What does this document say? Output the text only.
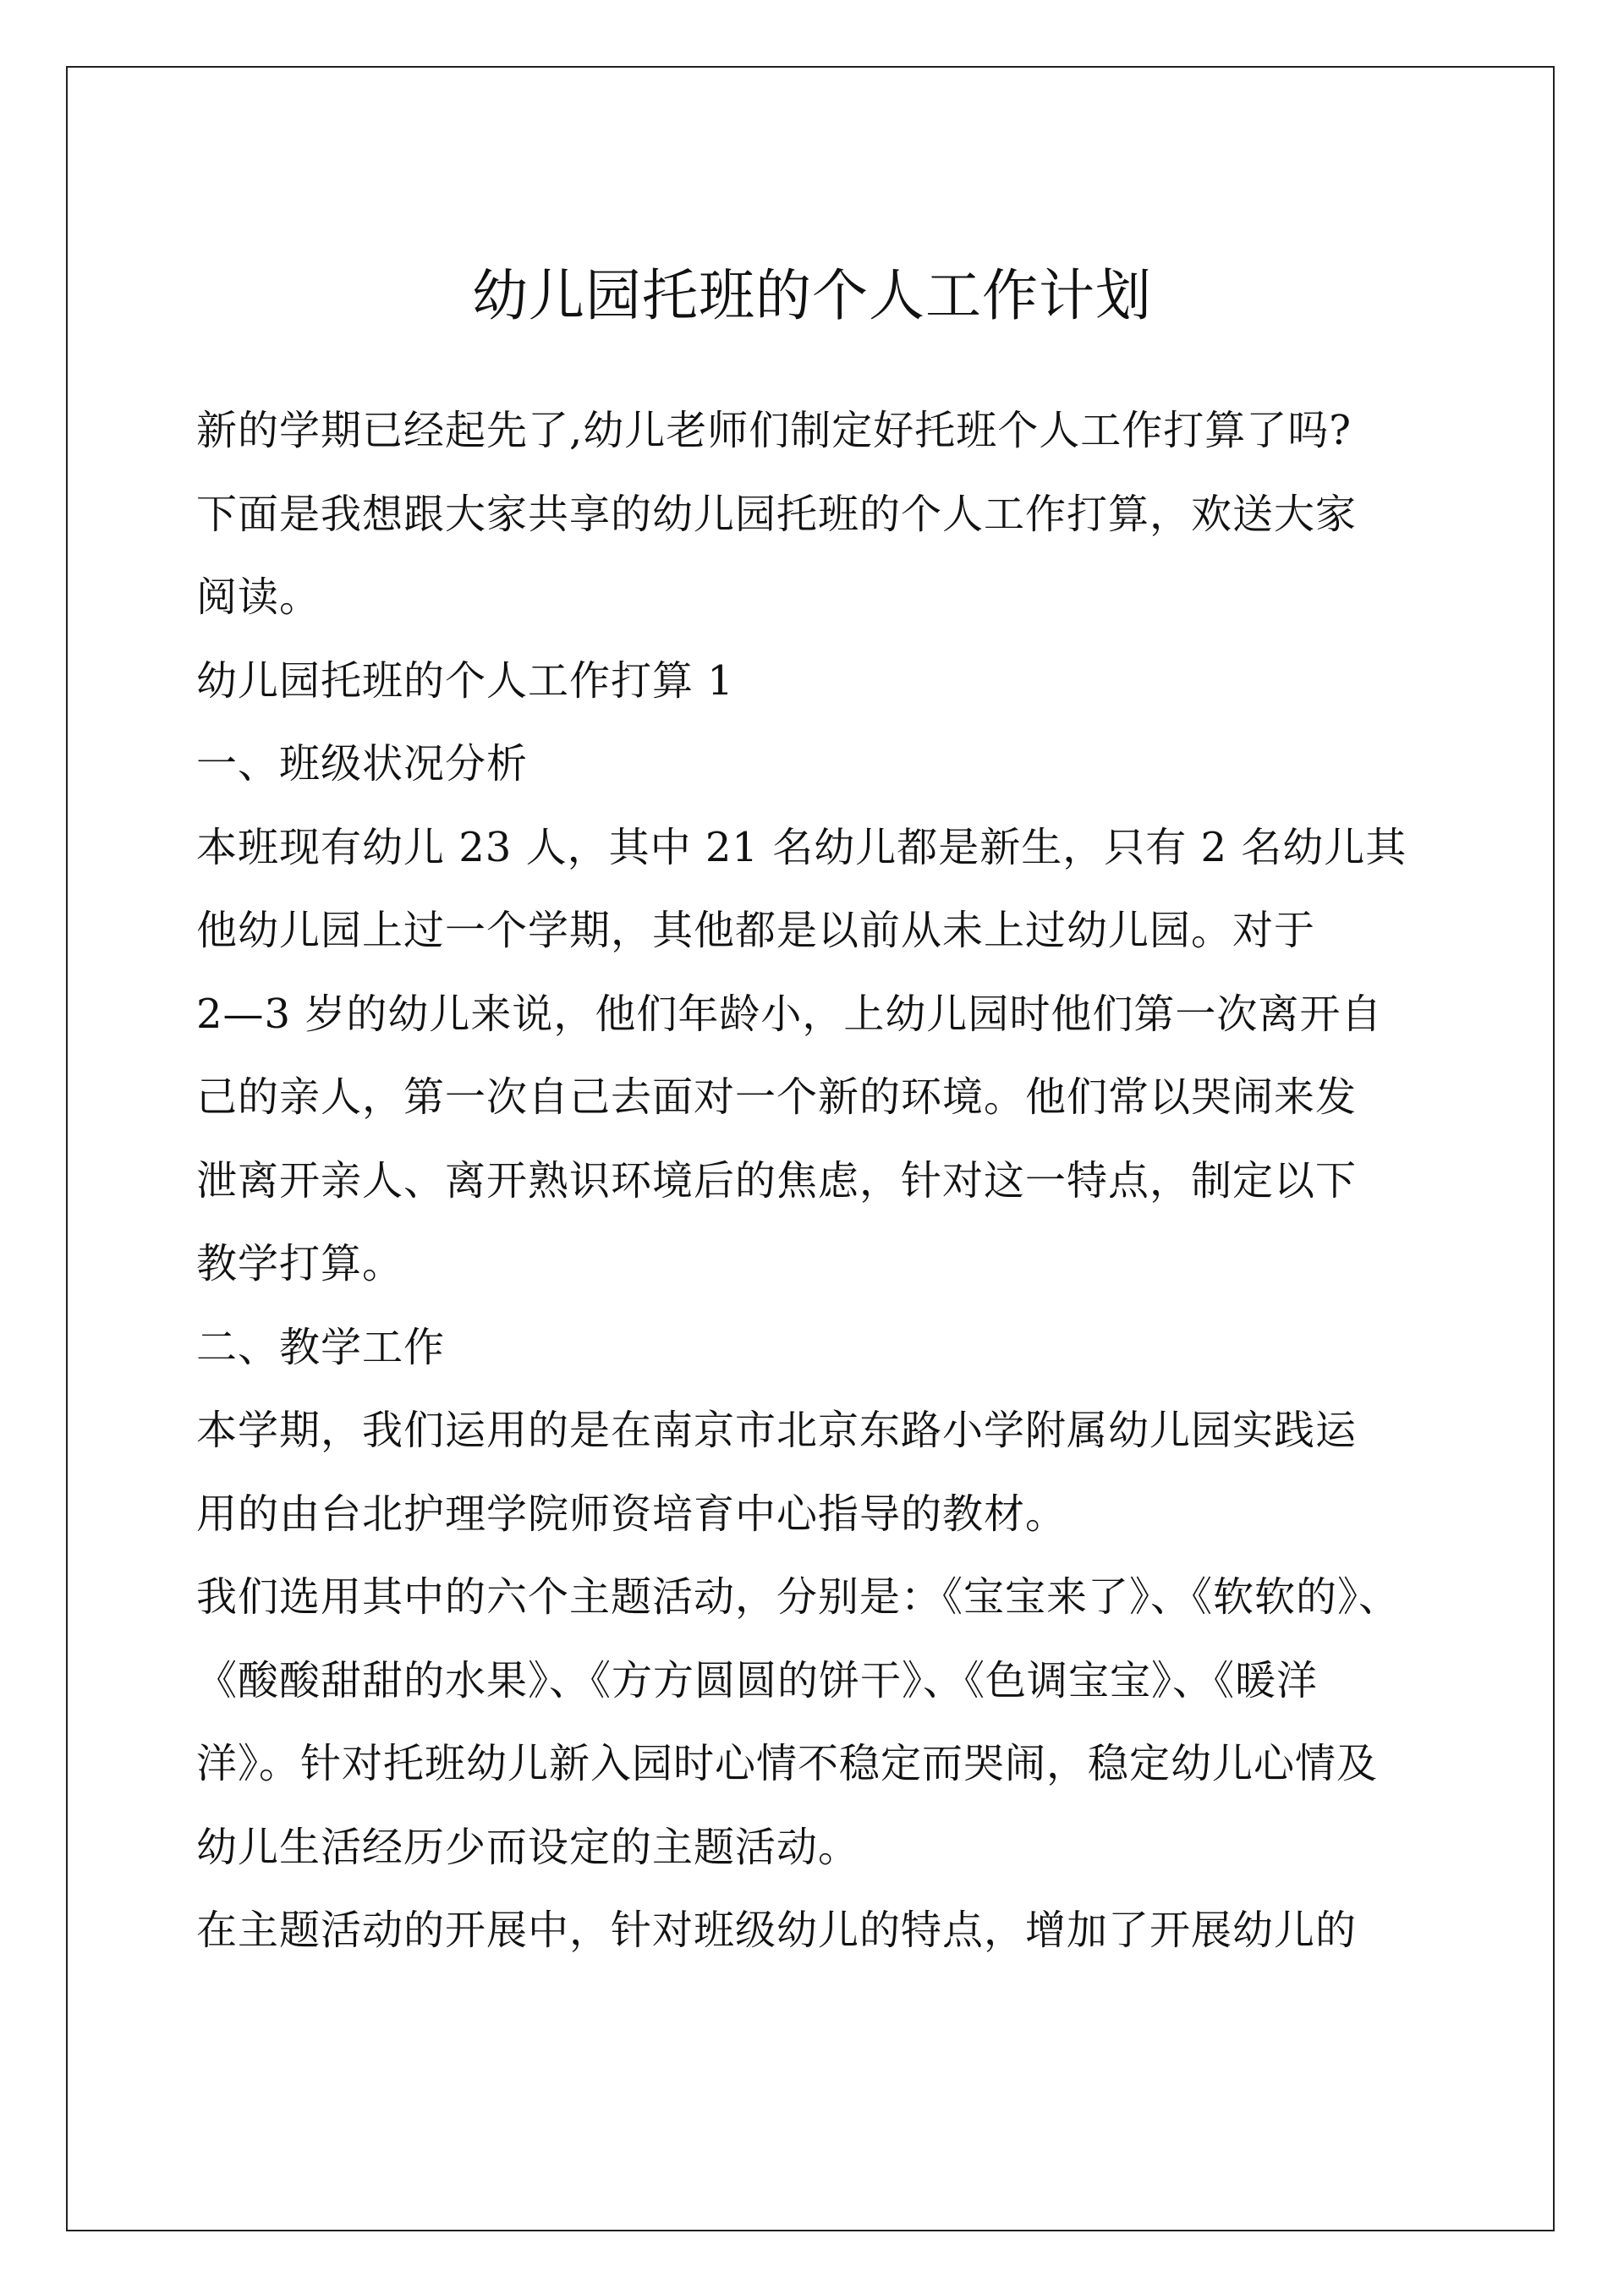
幼儿园托班的个人工作计划
新的学期已经起先了,幼儿老师们制定好托班个人工作打算了吗?
下面是我想跟大家共享的幼儿园托班的个人工作打算，欢送大家
阅读。
幼儿园托班的个人工作打算 1
一、班级状况分析
本班现有幼儿 23 人，其中 21 名幼儿都是新生，只有 2 名幼儿其
他幼儿园上过一个学期，其他都是以前从未上过幼儿园。对于
2—3 岁的幼儿来说，他们年龄小，上幼儿园时他们第一次离开自
己的亲人，第一次自己去面对一个新的环境。他们常以哭闹来发
泄离开亲人、离开熟识环境后的焦虑，针对这一特点，制定以下
教学打算。
二、教学工作
本学期，我们运用的是在南京市北京东路小学附属幼儿园实践运
用的由台北护理学院师资培育中心指导的教材。
我们选用其中的六个主题活动，分别是：《宝宝来了》、《软软的》、
《酸酸甜甜的水果》、《方方圆圆的饼干》、《色调宝宝》、《暖洋
洋》。针对托班幼儿新入园时心情不稳定而哭闹，稳定幼儿心情及
幼儿生活经历少而设定的主题活动。
在主题活动的开展中，针对班级幼儿的特点，增加了开展幼儿的
